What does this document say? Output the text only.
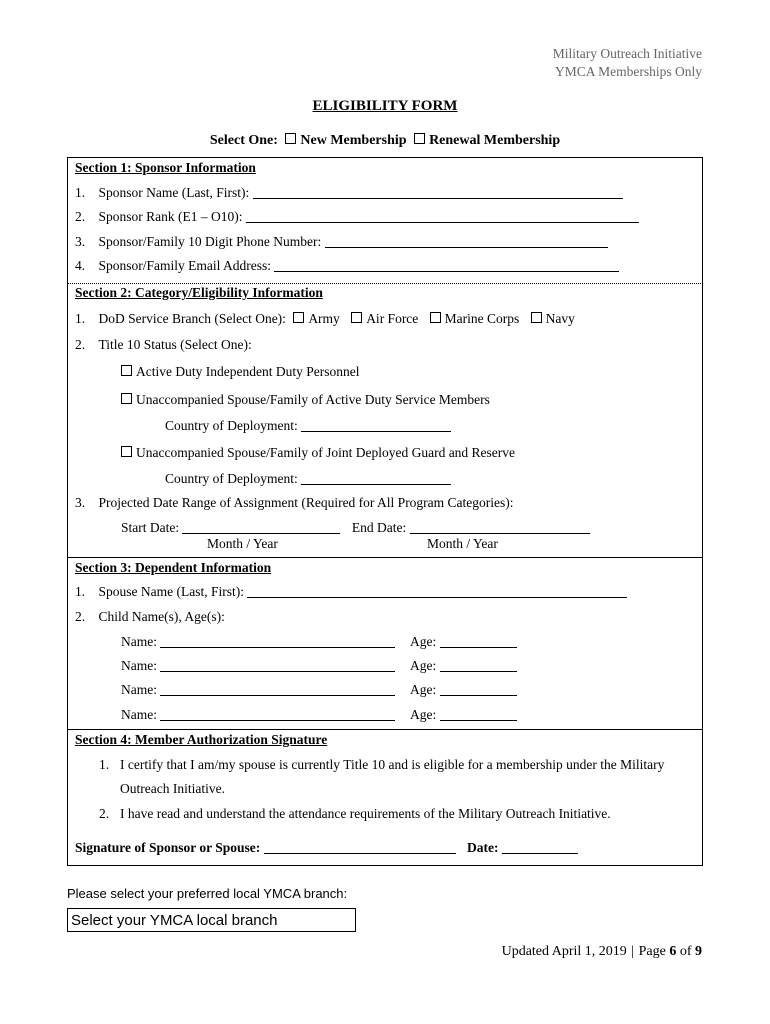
Military Outreach Initiative
YMCA Memberships Only
ELIGIBILITY FORM
Select One: New Membership Renewal Membership
Section 1: Sponsor Information
1. Sponsor Name (Last, First):
2. Sponsor Rank (E1 – O10):
3. Sponsor/Family 10 Digit Phone Number:
4. Sponsor/Family Email Address:
Section 2: Category/Eligibility Information
1. DoD Service Branch (Select One): Army Air Force Marine Corps Navy
2. Title 10 Status (Select One):
Active Duty Independent Duty Personnel
Unaccompanied Spouse/Family of Active Duty Service Members
Country of Deployment:
Unaccompanied Spouse/Family of Joint Deployed Guard and Reserve
Country of Deployment:
3. Projected Date Range of Assignment (Required for All Program Categories):
Start Date:	End Date:
Month / Year	Month / Year
Section 3: Dependent Information
1. Spouse Name (Last, First):
2. Child Name(s), Age(s):
Name:	Age:
Name:	Age:
Name:	Age:
Name:	Age:
Section 4: Member Authorization Signature
1. I certify that I am/my spouse is currently Title 10 and is eligible for a membership under the Military
Outreach Initiative.
2. I have read and understand the attendance requirements of the Military Outreach Initiative.
Signature of Sponsor or Spouse:	Date:
Please select your preferred local YMCA branch:
Select your YMCA local branch
Updated April 1, 2019 | Page 6 of 9
